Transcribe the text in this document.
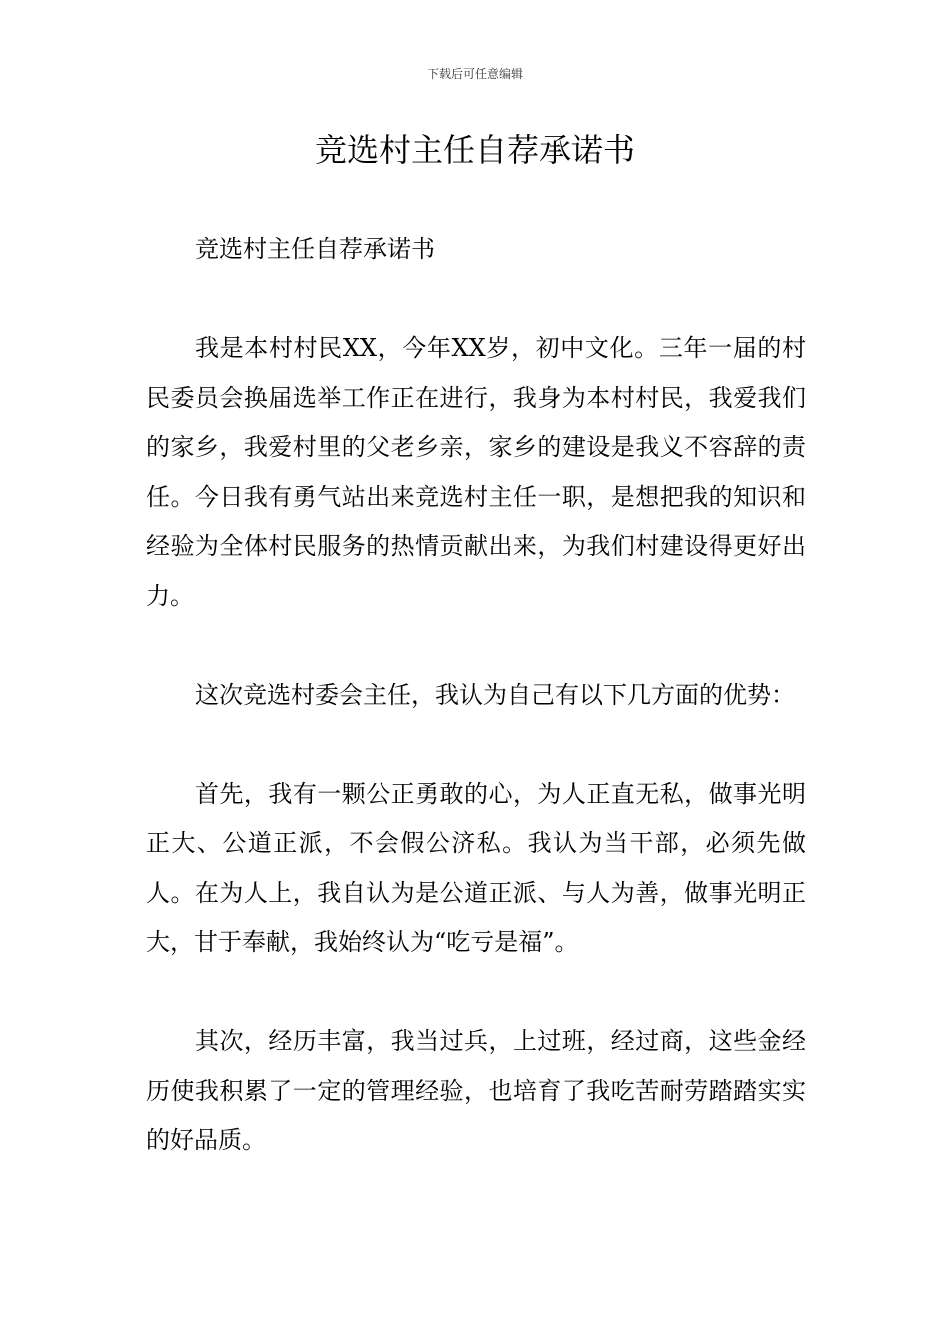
下载后可任意编辑
竞选村主任自荐承诺书

竞选村主任自荐承诺书

我是本村村民XX，今年XX岁，初中文化。三年一届的村民委员会换届选举工作正在进行，我身为本村村民，我爱我们的家乡，我爱村里的父老乡亲，家乡的建设是我义不容辞的责任。今日我有勇气站出来竞选村主任一职，是想把我的知识和经验为全体村民服务的热情贡献出来，为我们村建设得更好出力。

这次竞选村委会主任，我认为自己有以下几方面的优势：

首先，我有一颗公正勇敢的心，为人正直无私，做事光明正大、公道正派，不会假公济私。我认为当干部，必须先做人。在为人上，我自认为是公道正派、与人为善，做事光明正大，甘于奉献，我始终认为“吃亏是福”。

其次，经历丰富，我当过兵，上过班，经过商，这些金经历使我积累了一定的管理经验，也培育了我吃苦耐劳踏踏实实的好品质。
